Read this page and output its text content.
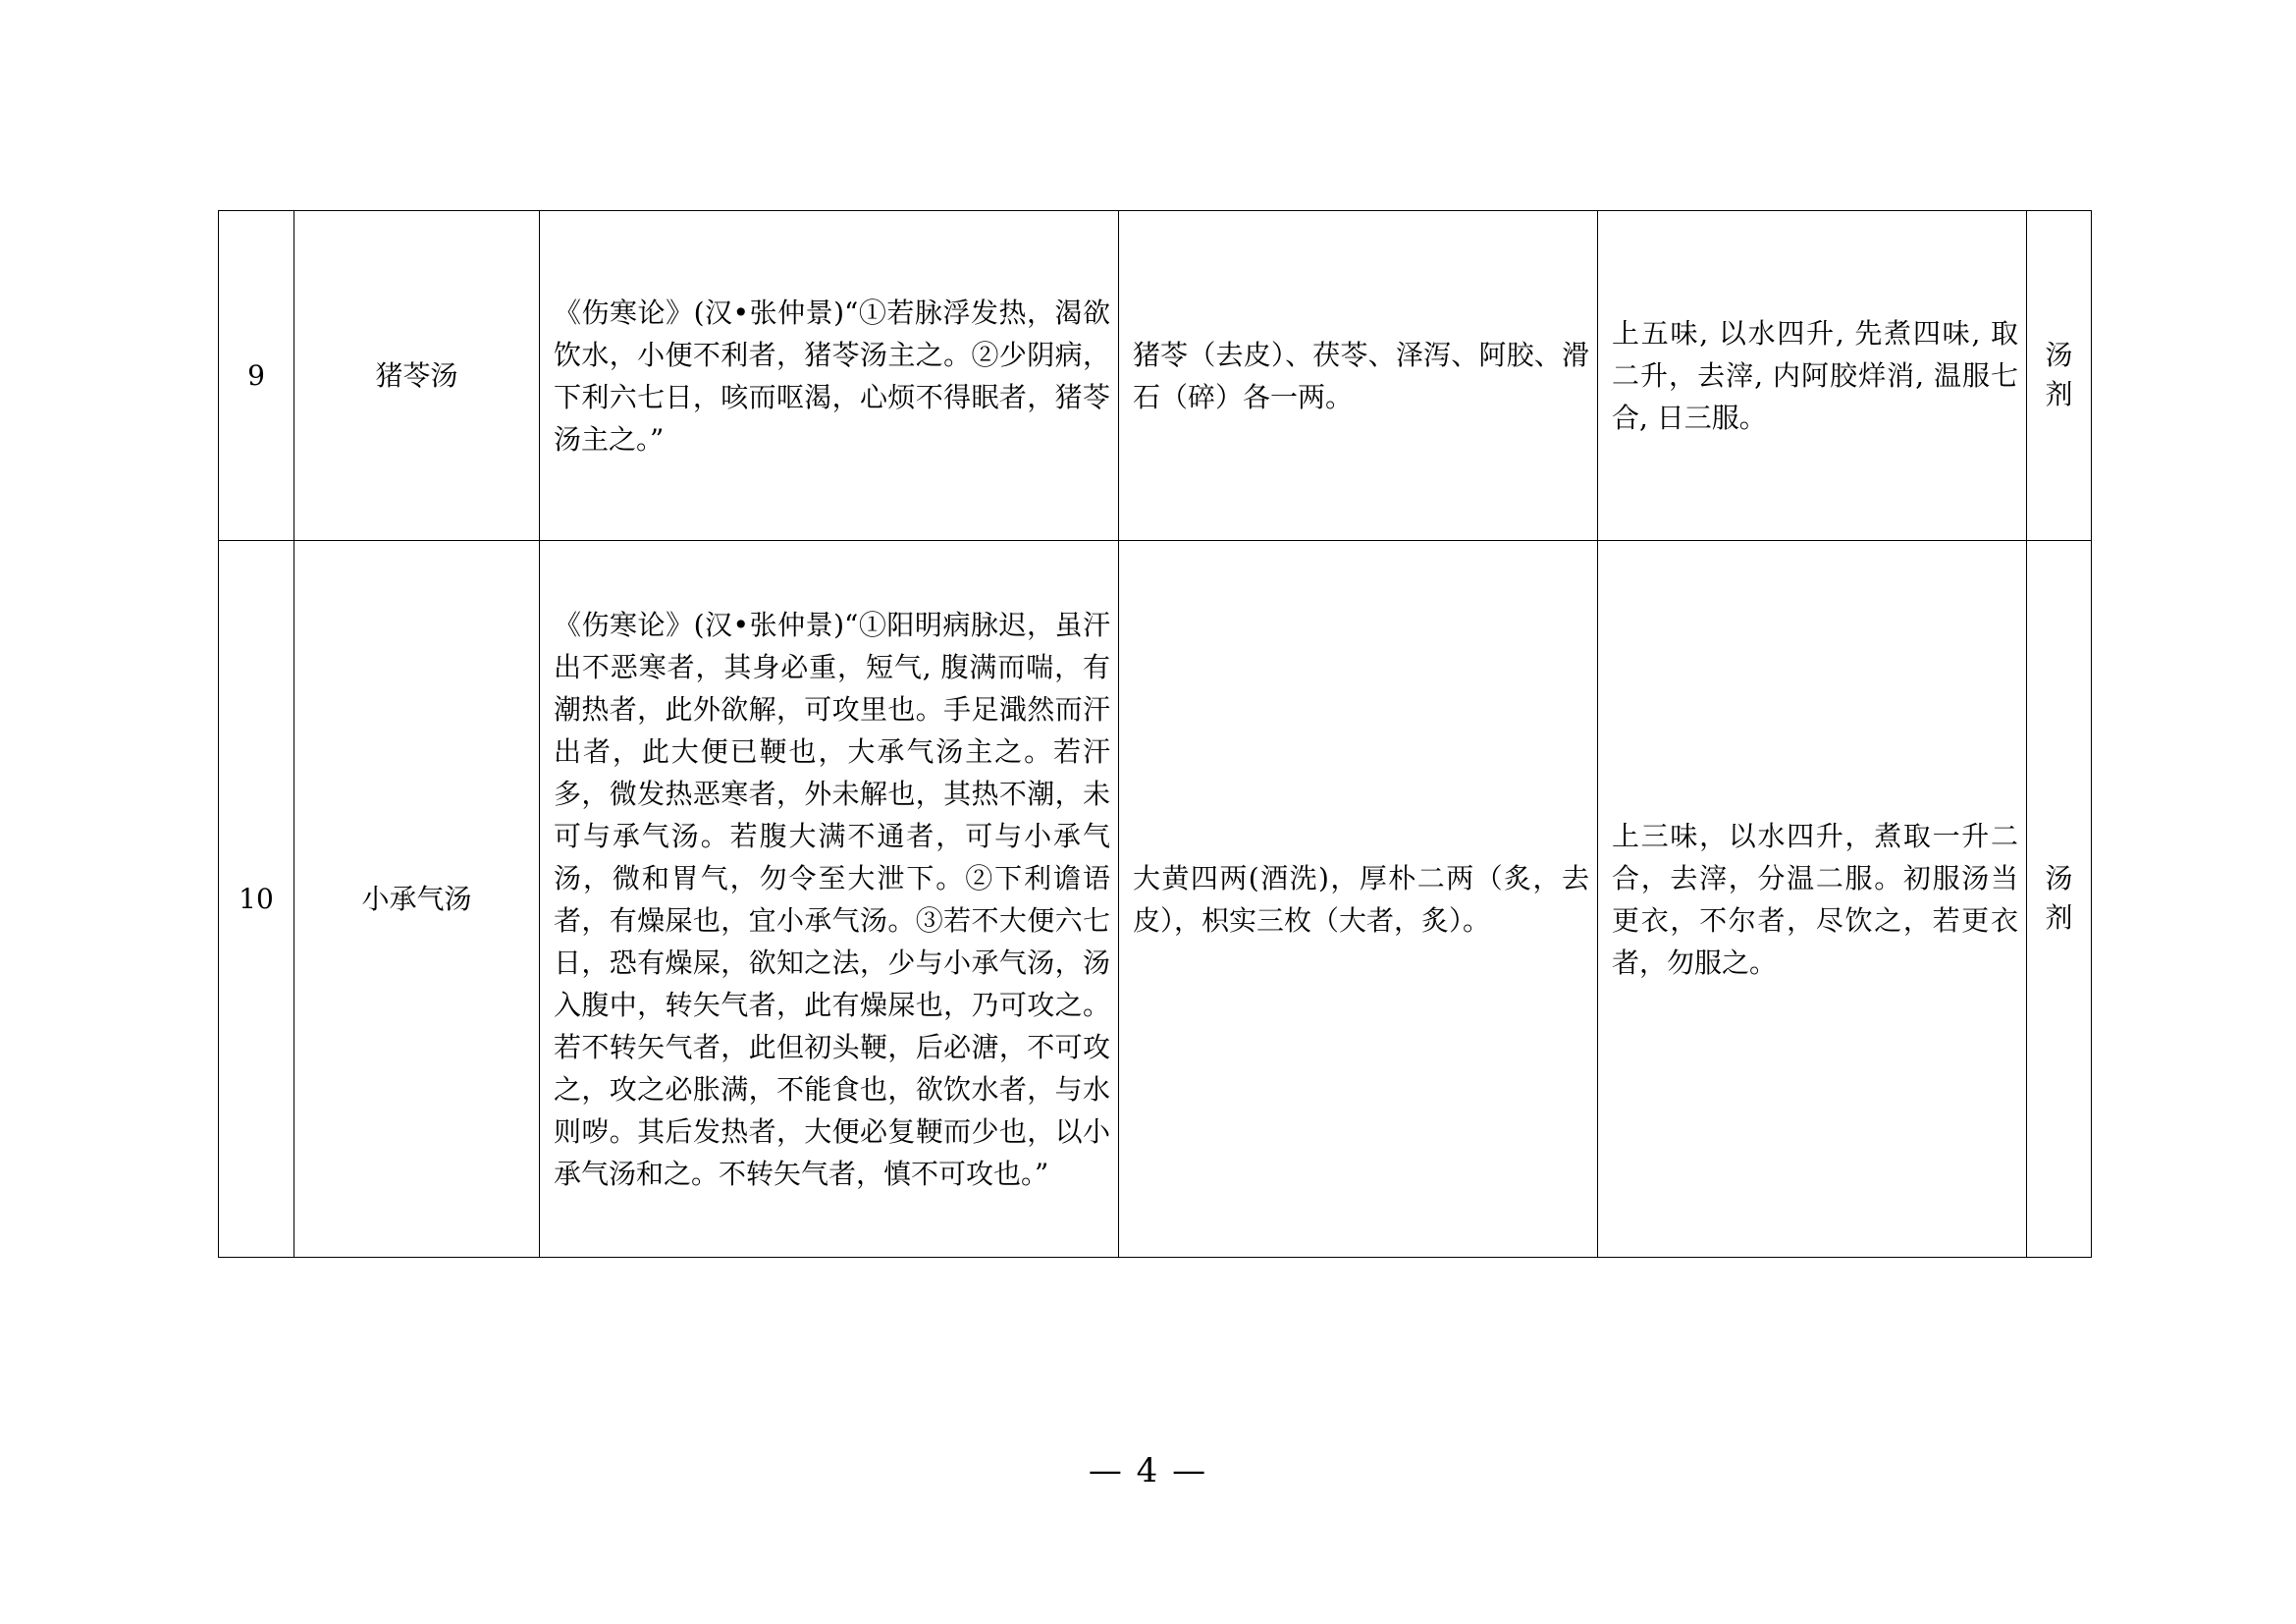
9	猪苓汤	《伤寒论》(汉•张仲景)“①若脉浮发热，渴欲饮水，小便不利者，猪苓汤主之。②少阴病，下利六七日，咳而呕渴，心烦不得眠者，猪苓汤主之。”	猪苓（去皮）、茯苓、泽泻、阿胶、滑石（碎）各一两。	上五味, 以水四升, 先煮四味, 取二升，去滓, 内阿胶烊消, 温服七合, 日三服。	汤剂
10	小承气汤	《伤寒论》(汉•张仲景)“①阳明病脉迟，虽汗出不恶寒者，其身必重，短气, 腹满而喘，有潮热者，此外欲解，可攻里也。手足濈然而汗出者，此大便已鞕也，大承气汤主之。若汗多，微发热恶寒者，外未解也，其热不潮，未可与承气汤。若腹大满不通者，可与小承气汤，微和胃气，勿令至大泄下。②下利谵语者，有燥屎也，宜小承气汤。③若不大便六七日，恐有燥屎，欲知之法，少与小承气汤，汤入腹中，转矢气者，此有燥屎也，乃可攻之。若不转矢气者，此但初头鞕，后必溏，不可攻之，攻之必胀满，不能食也，欲饮水者，与水则哕。其后发热者，大便必复鞕而少也，以小承气汤和之。不转矢气者，慎不可攻也。”	大黄四两(酒洗)，厚朴二两（炙，去皮），枳实三枚（大者，炙）。	上三味，以水四升，煮取一升二合，去滓，分温二服。初服汤当更衣，不尔者，尽饮之，若更衣者，勿服之。	汤剂
— 4 —
